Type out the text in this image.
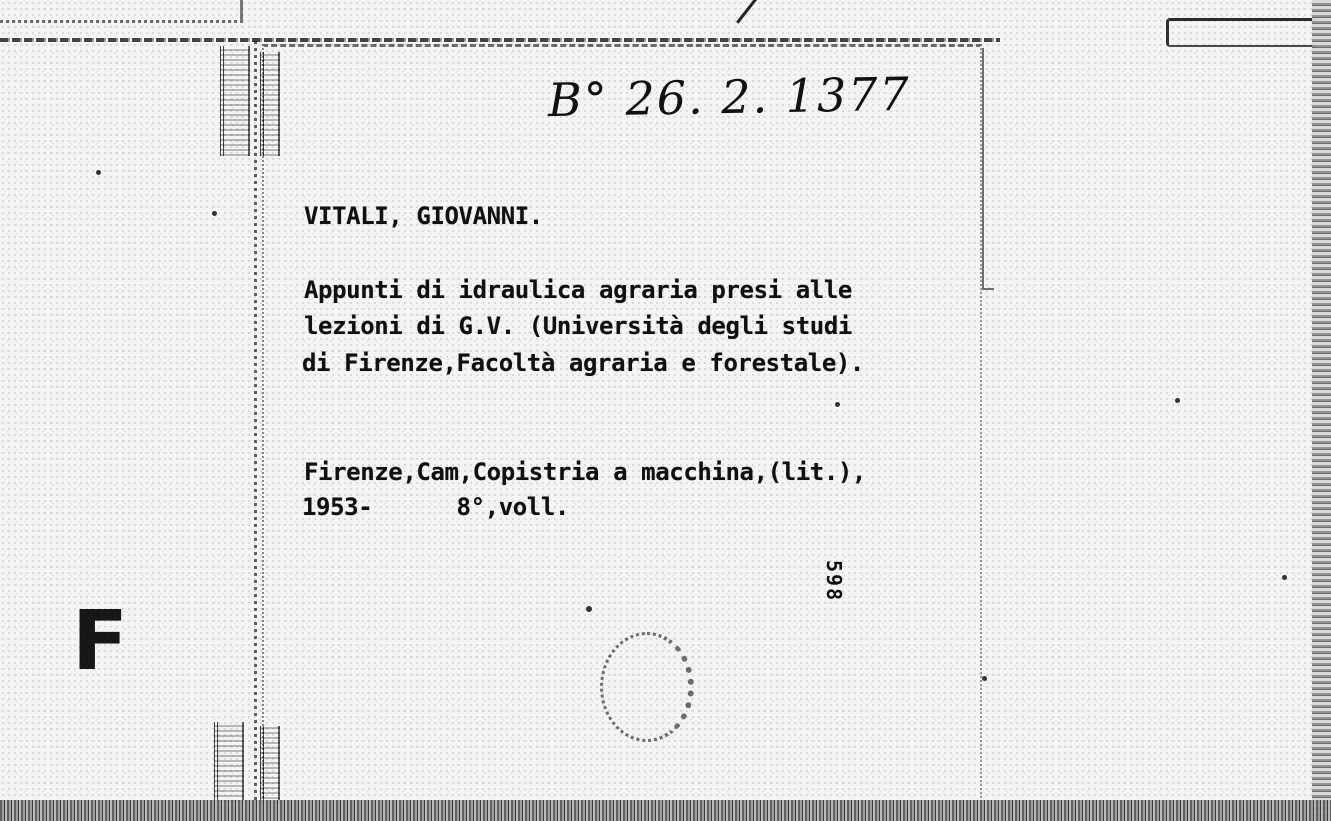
B° 26. 2. 1377
VITALI, GIOVANNI.
Appunti di idraulica agraria presi alle
lezioni di G.V. (Università degli studi
di Firenze,Facoltà agraria e forestale).
Firenze,Cam,Copistria a macchina,(lit.),
1953-      8°,voll.
598
F
